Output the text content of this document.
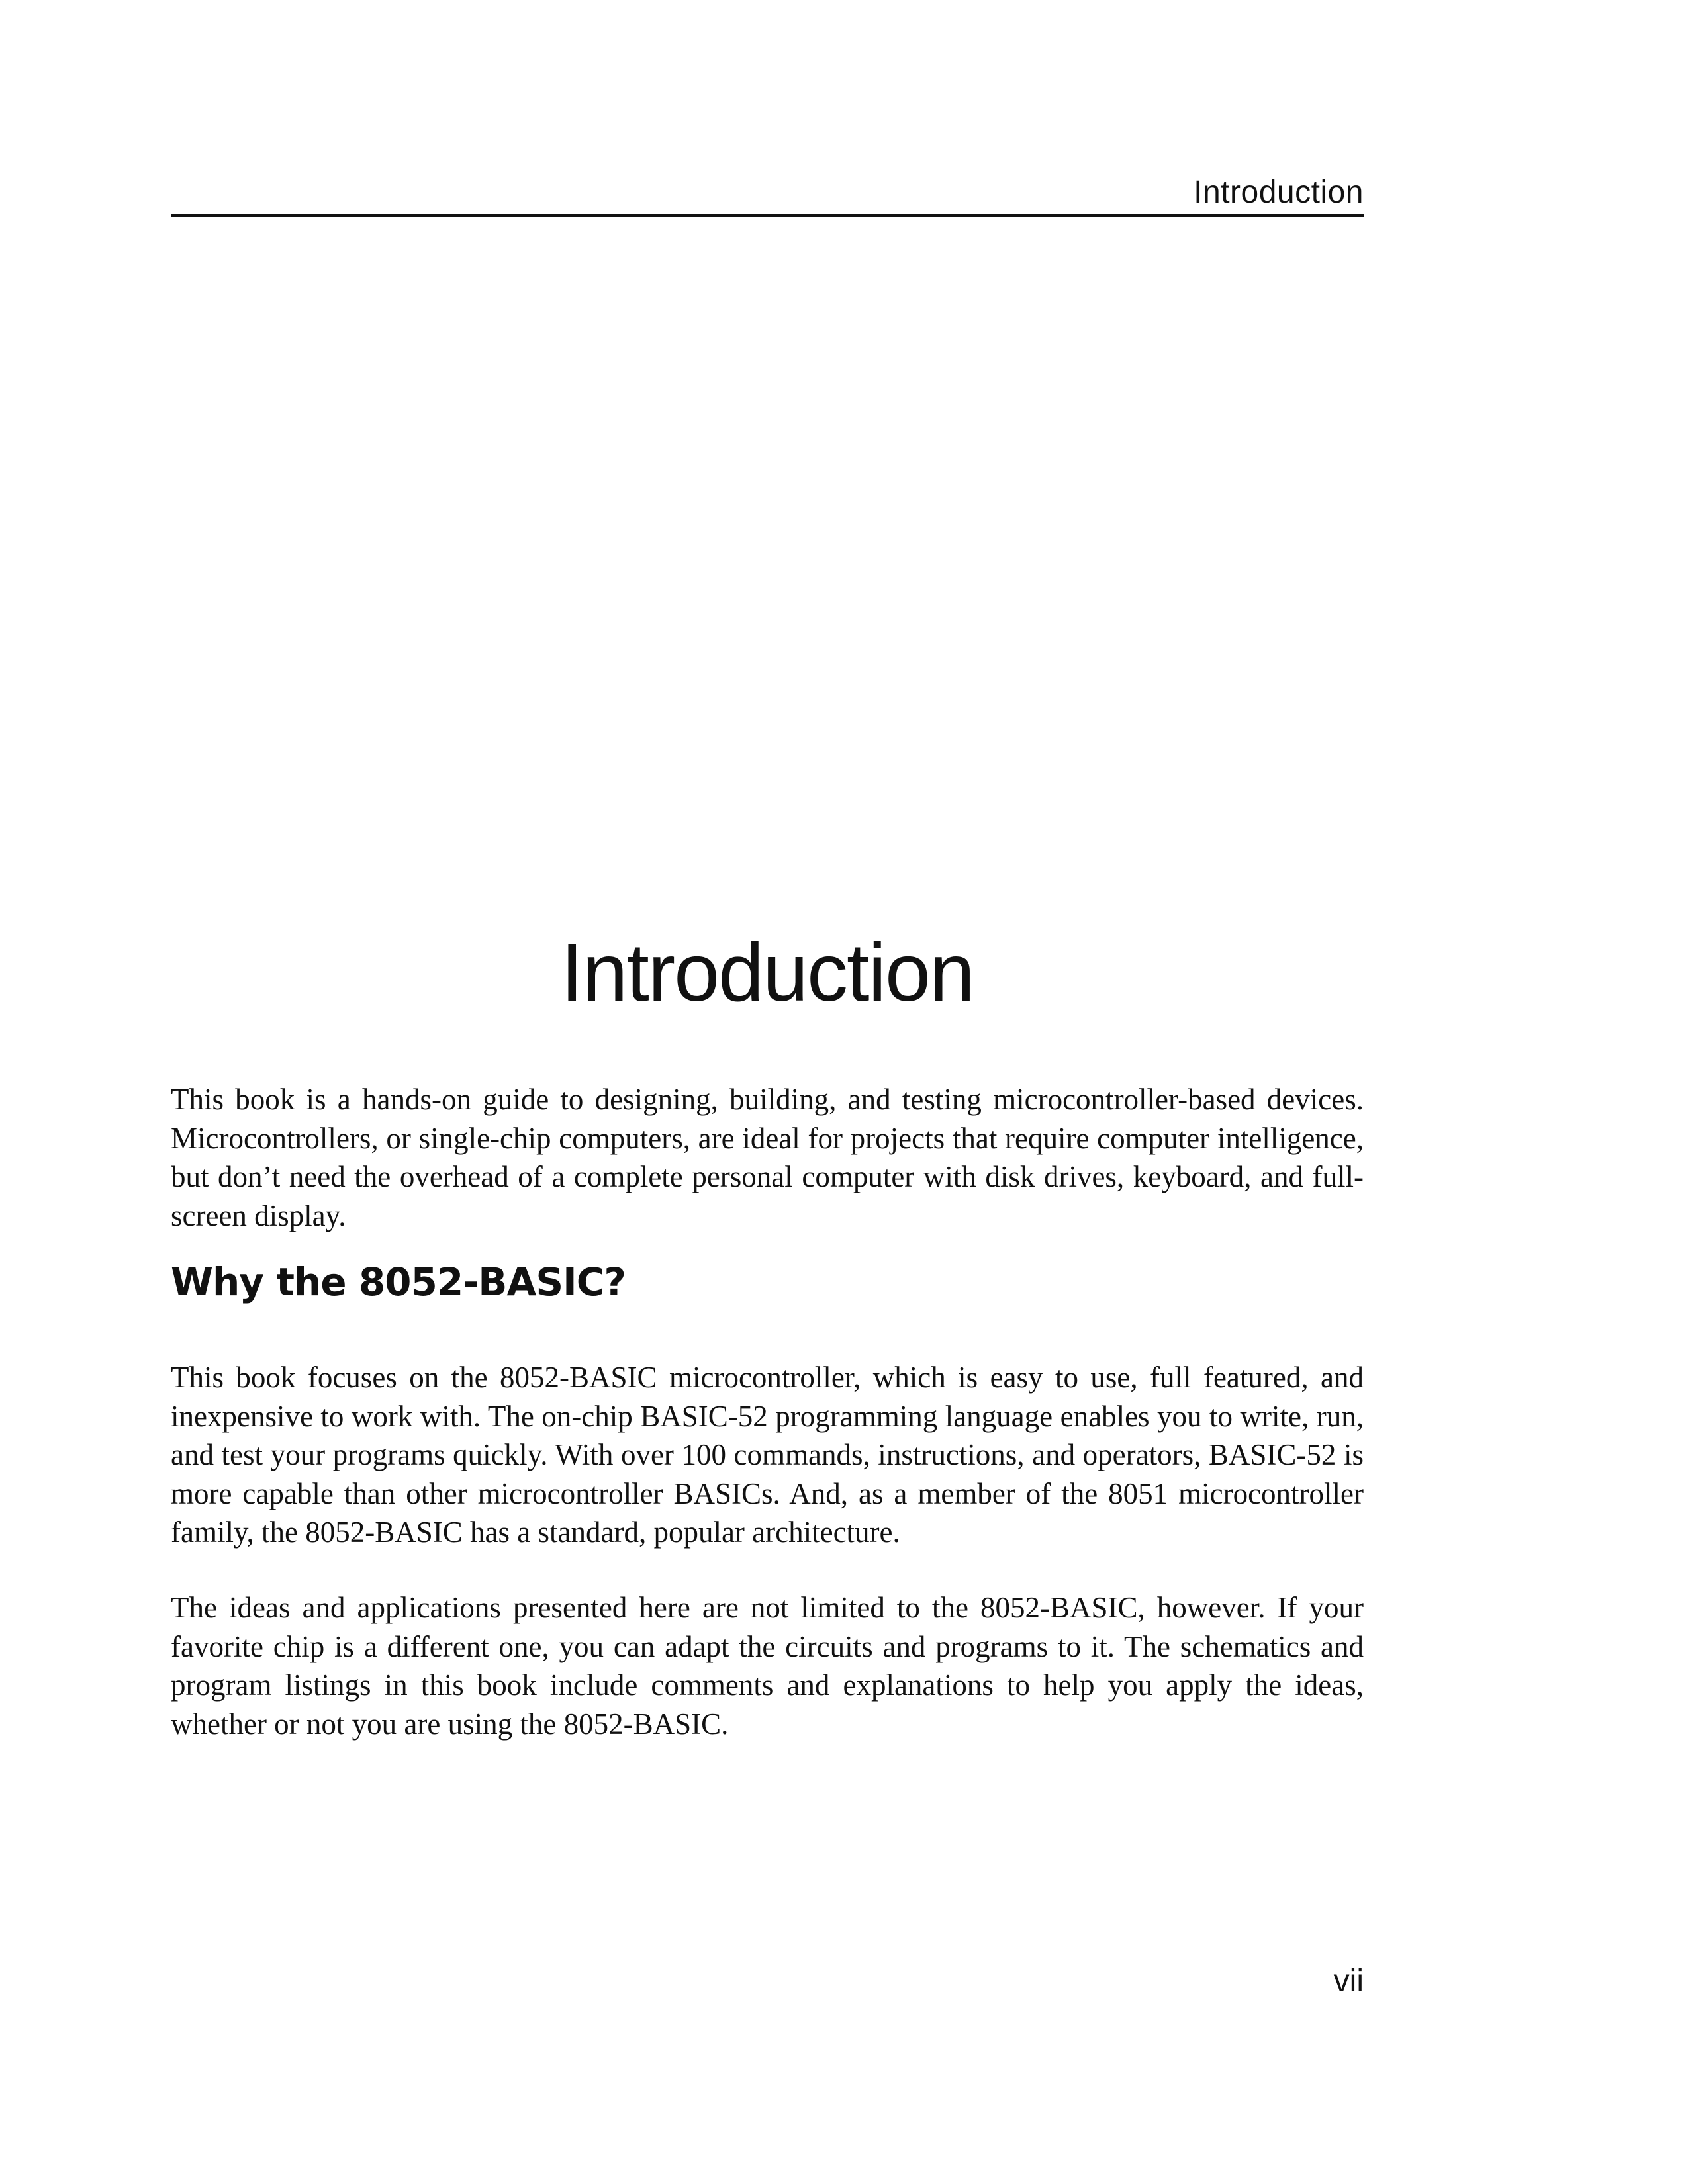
Introduction
Introduction

This book is a hands-on guide to designing, building, and testing microcontroller-based devices. Microcontrollers, or single-chip computers, are ideal for projects that require computer intelligence, but don’t need the overhead of a complete personal computer with disk drives, keyboard, and full-screen display.

Why the 8052-BASIC?

This book focuses on the 8052-BASIC microcontroller, which is easy to use, full featured, and inexpensive to work with. The on-chip BASIC-52 programming language enables you to write, run, and test your programs quickly. With over 100 commands, instructions, and operators, BASIC-52 is more capable than other microcontroller BASICs. And, as a member of the 8051 microcontroller family, the 8052-BASIC has a standard, popular architecture.

The ideas and applications presented here are not limited to the 8052-BASIC, however. If your favorite chip is a different one, you can adapt the circuits and programs to it. The schematics and program listings in this book include comments and explanations to help you apply the ideas, whether or not you are using the 8052-BASIC.

vii
